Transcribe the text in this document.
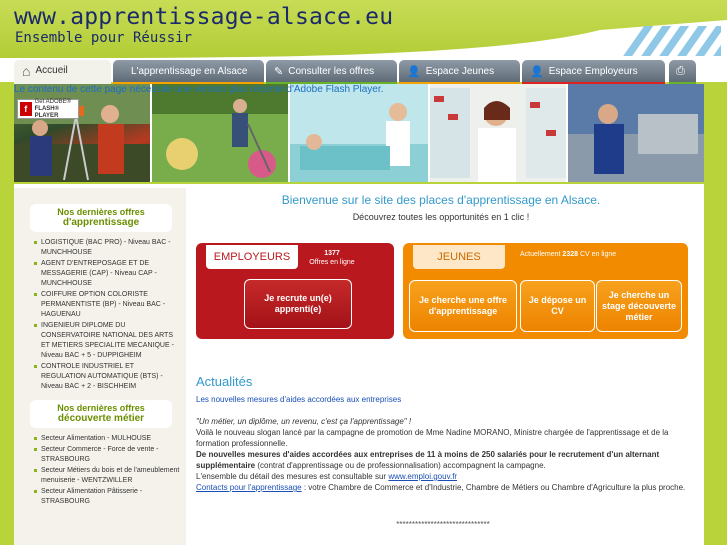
www.apprentissage-alsace.eu
Ensemble pour Réussir
⌂ Accueil	L'apprentissage en Alsace ✎ Consulter les offres	👤 Espace Jeunes	👤 Espace Employeurs	⎙
Le contenu de cette page nécessite une version plus récente d'Adobe Flash Player.
f
Get ADOBE®
FLASH® PLAYER
Nos dernières offres
d'apprentissage
LOGISTIQUE (BAC PRO) - Niveau BAC - MUNCHHOUSE
AGENT D'ENTREPOSAGE ET DE MESSAGERIE (CAP) - Niveau CAP - MUNCHHOUSE
COIFFURE OPTION COLORISTE PERMANENTISTE (BP) - Niveau BAC - HAGUENAU
INGENIEUR DIPLOME DU CONSERVATOIRE NATIONAL DES ARTS ET METIERS SPECIALITE MECANIQUE - Niveau BAC + 5 - DUPPIGHEIM
CONTROLE INDUSTRIEL ET REGULATION AUTOMATIQUE (BTS) - Niveau BAC + 2 - BISCHHEIM
Nos dernières offres
découverte métier
Secteur Alimentation - MULHOUSE
Secteur Commerce - Force de vente - STRASBOURG
Secteur Métiers du bois et de l'ameublement menuiserie - WENTZWILLER
Secteur Alimentation Pâtisserie - STRASBOURG
Bienvenue sur le site des places d'apprentissage en Alsace.
Découvrez toutes les opportunités en 1 clic !
EMPLOYEURS	1377
Offres en ligne
Je recrute un(e) apprenti(e)
JEUNES	Actuellement 2328 CV en ligne
Je cherche une offre d'apprentissage
Je dépose un CV
Je cherche un stage découverte métier
Actualités

Les nouvelles mesures d'aides accordées aux entreprises

"Un métier, un diplôme, un revenu, c'est ça l'apprentissage" !

Voilà le nouveau slogan lancé par la campagne de promotion de Mme Nadine MORANO, Ministre chargée de l'apprentissage et de la formation professionnelle.

De nouvelles mesures d'aides accordées aux entreprises de 11 à moins de 250 salariés pour le recrutement d'un alternant supplémentaire (contrat d'apprentissage ou de professionnalisation) accompagnent la campagne.

L'ensemble du détail des mesures est consultable sur www.emploi.gouv.fr

Contacts pour l'apprentissage : votre Chambre de Commerce et d'Industrie, Chambre de Métiers ou Chambre d'Agriculture la plus proche.

******************************
